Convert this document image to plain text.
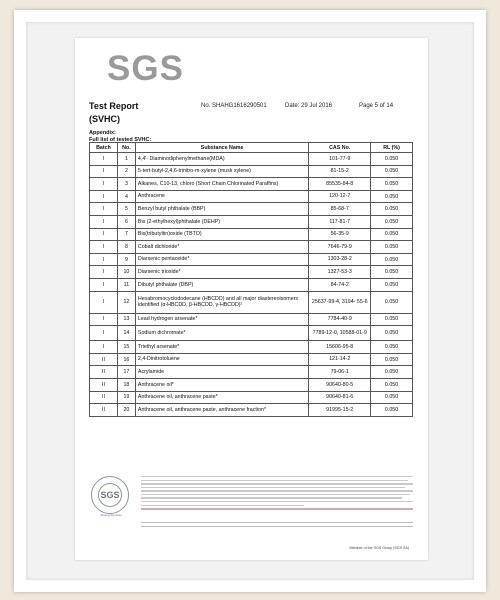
SGS
Test Report	No. SHAHG1616290501	Date: 29 Jul 2016	Page 5 of 14
(SVHC)
Appendix:
Full list of tested SVHC:
Batch	No.	Substance Name	CAS No.	RL (%)
I	1	4,4'- Diaminodiphenylmethane(MDA)	101-77-9	0.050
I	2	5-tert-butyl-2,4,6-trinitro-m-xylene (musk xylene)	81-15-2	0.050
I	3	Alkanes, C10-13, chloro (Short Chain Chlorinated Paraffins)	85535-84-8	0.050
I	4	Anthracene	120-12-7	0.050
I	5	Benzyl butyl phthalate (BBP)	85-68-7	0.050
I	6	Bis (2-ethylhexyl)phthalate (DEHP)	117-81-7	0.050
I	7	Bis(tributyltin)oxide (TBTO)	56-35-9	0.050
I	8	Cobalt dichloride*	7646-79-9	0.050
I	9	Diarsenic pentaoxide*	1303-28-2	0.050
I	10	Diarsenic trioxide*	1327-53-3	0.050
I	11	Dibutyl phthalate (DBP)	84-74-2	0.050
I	12	Hexabromocyclododecane (HBCDD) and all major diastereoisomers identified (α-HBCDD, β-HBCDD, γ-HBCDD)¹	25637-99-4, 3194- 55-6	0.050
I	13	Lead hydrogen arsenate*	7784-40-9	0.050
I	14	Sodium dichromate*	7789-12-0, 10588-01-9	0.050
I	15	Triethyl arsenate*	15606-95-8	0.050
II	16	2,4-Dinitrotoluene	121-14-2	0.050
II	17	Acrylamide	79-06-1	0.050
II	18	Anthracene oil*	90640-80-5	0.050
II	19	Anthracene oil, anthracene paste*	90640-81-6	0.050
II	20	Anthracene oil, anthracene paste, anthracene fraction*	91995-15-2	0.050
SGS
Testing Services
Member of the SGS Group (SGS SA)
